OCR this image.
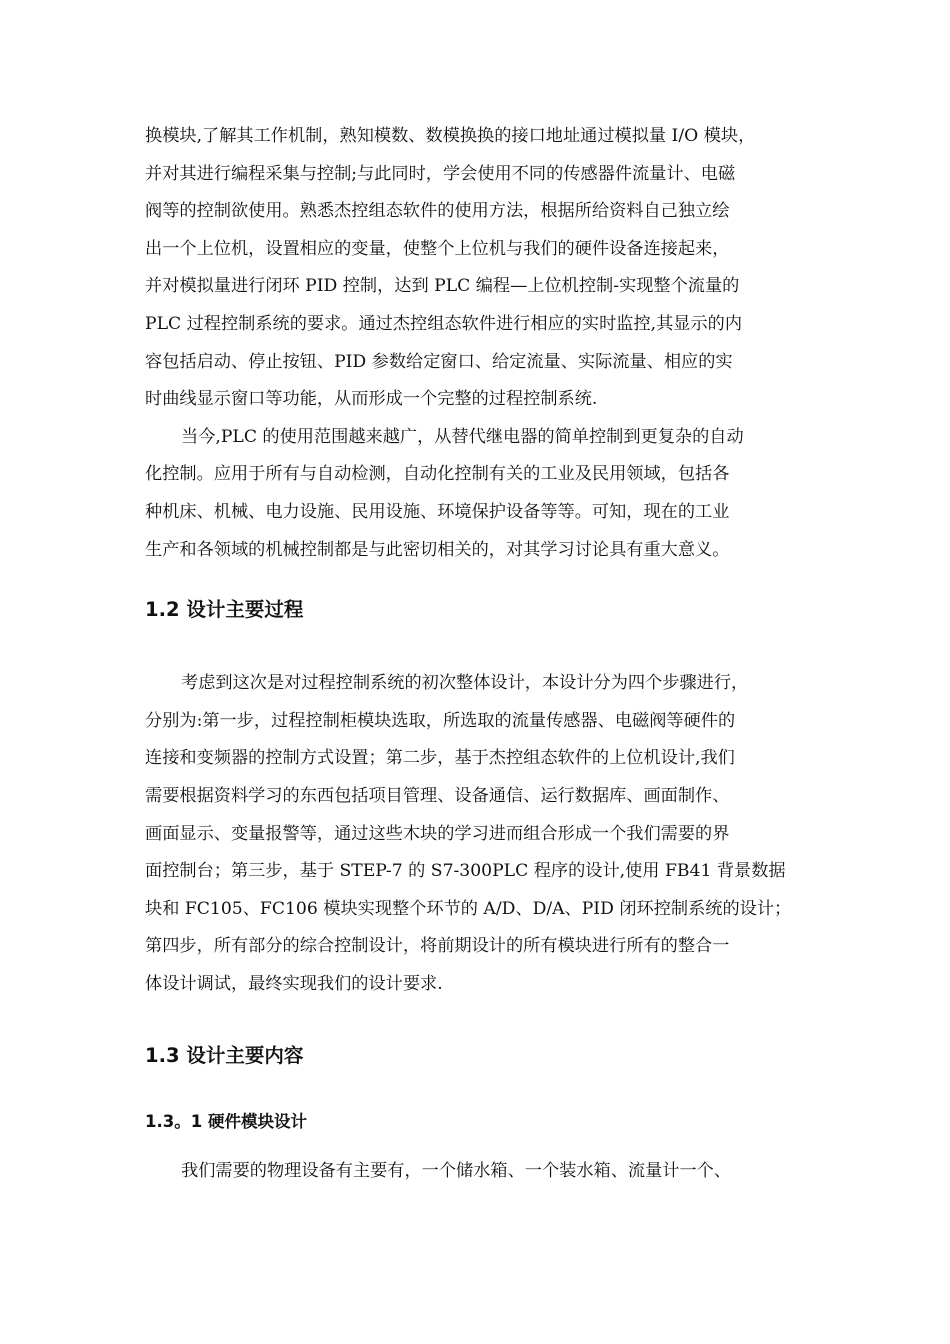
换模块,了解其工作机制，熟知模数、数模换换的接口地址通过模拟量 I/O 模块，
并对其进行编程采集与控制;与此同时，学会使用不同的传感器件流量计、电磁
阀等的控制欲使用。熟悉杰控组态软件的使用方法，根据所给资料自己独立绘
出一个上位机，设置相应的变量，使整个上位机与我们的硬件设备连接起来，
并对模拟量进行闭环 PID 控制，达到 PLC 编程—上位机控制-实现整个流量的
PLC 过程控制系统的要求。通过杰控组态软件进行相应的实时监控,其显示的内
容包括启动、停止按钮、PID 参数给定窗口、给定流量、实际流量、相应的实
时曲线显示窗口等功能，从而形成一个完整的过程控制系统.
当今,PLC 的使用范围越来越广，从替代继电器的简单控制到更复杂的自动
化控制。应用于所有与自动检测，自动化控制有关的工业及民用领域，包括各
种机床、机械、电力设施、民用设施、环境保护设备等等。可知，现在的工业
生产和各领域的机械控制都是与此密切相关的，对其学习讨论具有重大意义。
1.2 设计主要过程
考虑到这次是对过程控制系统的初次整体设计，本设计分为四个步骤进行，
分别为:第一步，过程控制柜模块选取，所选取的流量传感器、电磁阀等硬件的
连接和变频器的控制方式设置；第二步，基于杰控组态软件的上位机设计,我们
需要根据资料学习的东西包括项目管理、设备通信、运行数据库、画面制作、
画面显示、变量报警等，通过这些木块的学习进而组合形成一个我们需要的界
面控制台；第三步，基于 STEP-7 的 S7-300PLC 程序的设计,使用 FB41 背景数据
块和 FC105、FC106 模块实现整个环节的 A/D、D/A、PID 闭环控制系统的设计；
第四步，所有部分的综合控制设计，将前期设计的所有模块进行所有的整合一
体设计调试，最终实现我们的设计要求.
1.3 设计主要内容
1.3。1 硬件模块设计
我们需要的物理设备有主要有，一个储水箱、一个装水箱、流量计一个、
